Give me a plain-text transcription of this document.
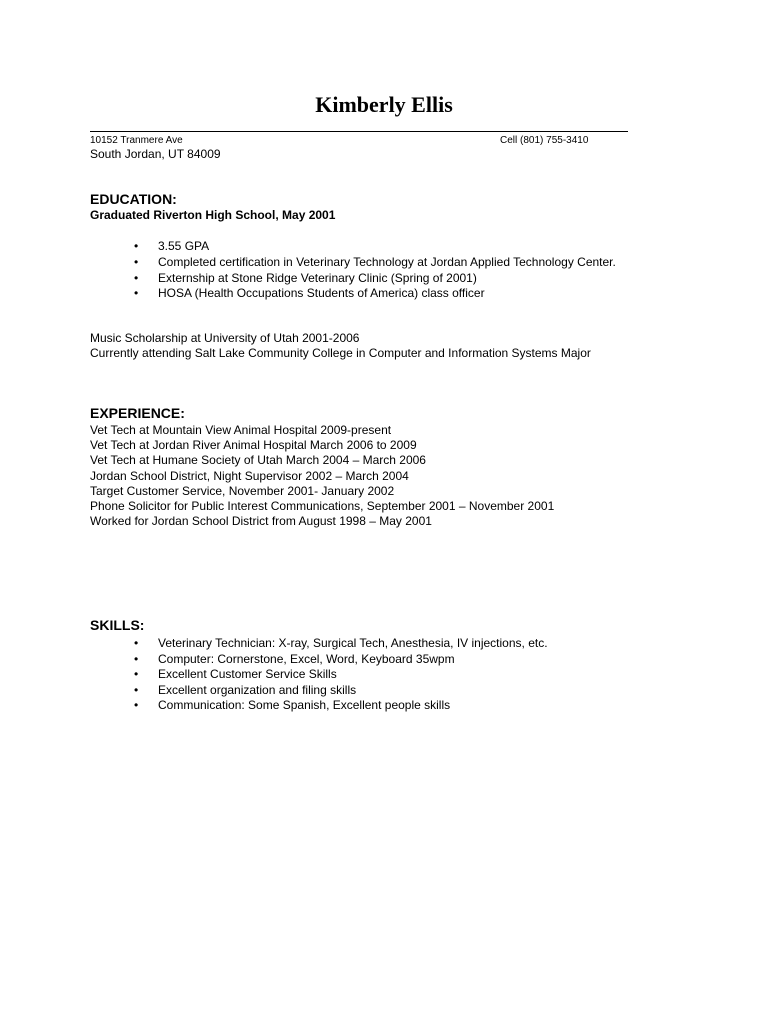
Kimberly Ellis
10152 Tranmere Ave	Cell (801) 755-3410
South Jordan, UT 84009
EDUCATION:
Graduated Riverton High School, May 2001
• 3.55 GPA
• Completed certification in Veterinary Technology at Jordan Applied Technology Center.
• Externship at Stone Ridge Veterinary Clinic (Spring of 2001)
• HOSA (Health Occupations Students of America) class officer
Music Scholarship at University of Utah 2001-2006
Currently attending Salt Lake Community College in Computer and Information Systems Major
EXPERIENCE:
Vet Tech at Mountain View Animal Hospital 2009-present
Vet Tech at Jordan River Animal Hospital March 2006 to 2009
Vet Tech at Humane Society of Utah March 2004 – March 2006
Jordan School District, Night Supervisor 2002 – March 2004
Target Customer Service, November 2001- January 2002
Phone Solicitor for Public Interest Communications, September 2001 – November 2001
Worked for Jordan School District from August 1998 – May 2001
SKILLS:
• Veterinary Technician: X-ray, Surgical Tech, Anesthesia, IV injections, etc.
• Computer: Cornerstone, Excel, Word, Keyboard 35wpm
• Excellent Customer Service Skills
• Excellent organization and filing skills
• Communication: Some Spanish, Excellent people skills
